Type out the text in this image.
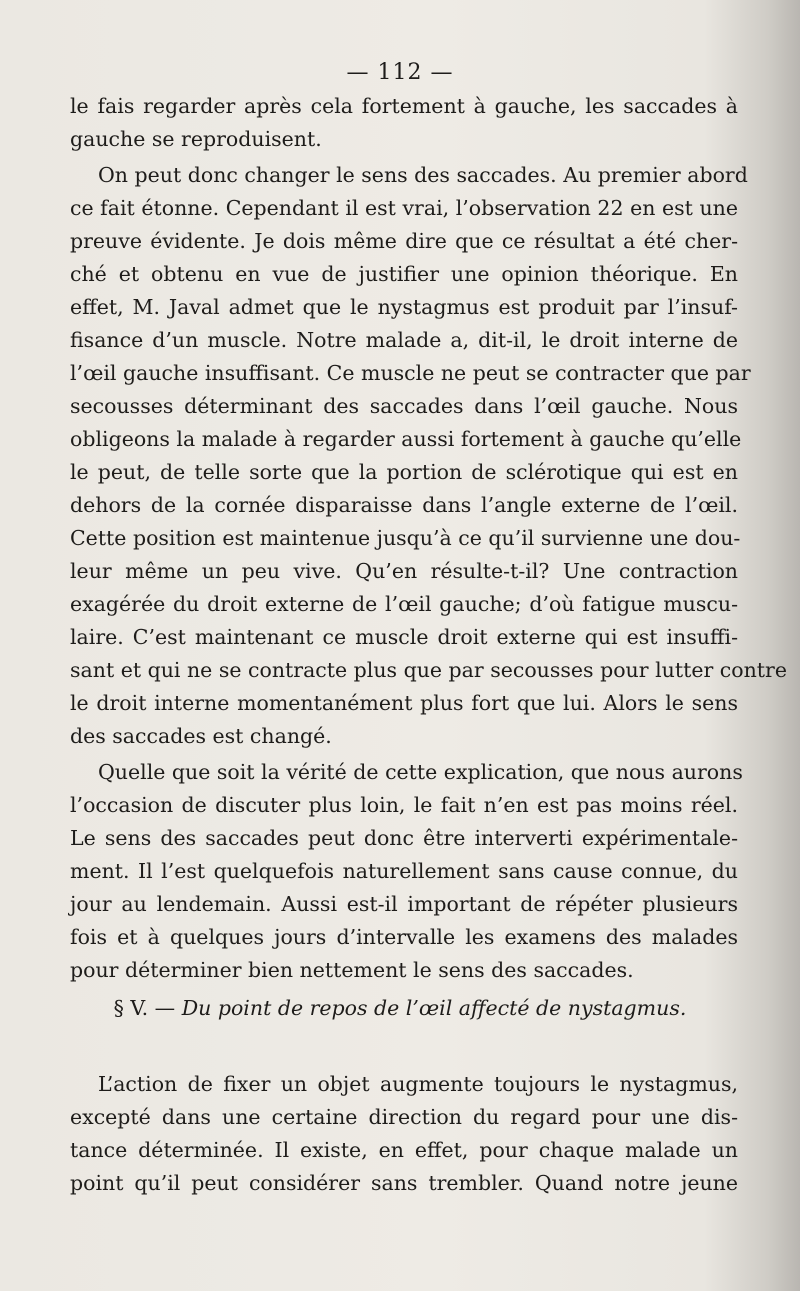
— 112 —
le fais regarder après cela fortement à gauche, les saccades à
gauche se reproduisent.
On peut donc changer le sens des saccades. Au premier abord
ce fait étonne. Cependant il est vrai, l’observation 22 en est une
preuve évidente. Je dois même dire que ce résultat a été cher-
ché et obtenu en vue de justifier une opinion théorique. En
effet, M. Javal admet que le nystagmus est produit par l’insuf-
fisance d’un muscle. Notre malade a, dit-il, le droit interne de
l’œil gauche insuffisant. Ce muscle ne peut se contracter que par
secousses déterminant des saccades dans l’œil gauche. Nous
obligeons la malade à regarder aussi fortement à gauche qu’elle
le peut, de telle sorte que la portion de sclérotique qui est en
dehors de la cornée disparaisse dans l’angle externe de l’œil.
Cette position est maintenue jusqu’à ce qu’il survienne une dou-
leur même un peu vive. Qu’en résulte-t-il? Une contraction
exagérée du droit externe de l’œil gauche; d’où fatigue muscu-
laire. C’est maintenant ce muscle droit externe qui est insuffi-
sant et qui ne se contracte plus que par secousses pour lutter contre
le droit interne momentanément plus fort que lui. Alors le sens
des saccades est changé.
Quelle que soit la vérité de cette explication, que nous aurons
l’occasion de discuter plus loin, le fait n’en est pas moins réel.
Le sens des saccades peut donc être interverti expérimentale-
ment. Il l’est quelquefois naturellement sans cause connue, du
jour au lendemain. Aussi est-il important de répéter plusieurs
fois et à quelques jours d’intervalle les examens des malades
pour déterminer bien nettement le sens des saccades.
L’action de fixer un objet augmente toujours le nystagmus,
excepté dans une certaine direction du regard pour une dis-
tance déterminée. Il existe, en effet, pour chaque malade un
point qu’il peut considérer sans trembler. Quand notre jeune
§ V. — Du point de repos de l’œil affecté de nystagmus.
